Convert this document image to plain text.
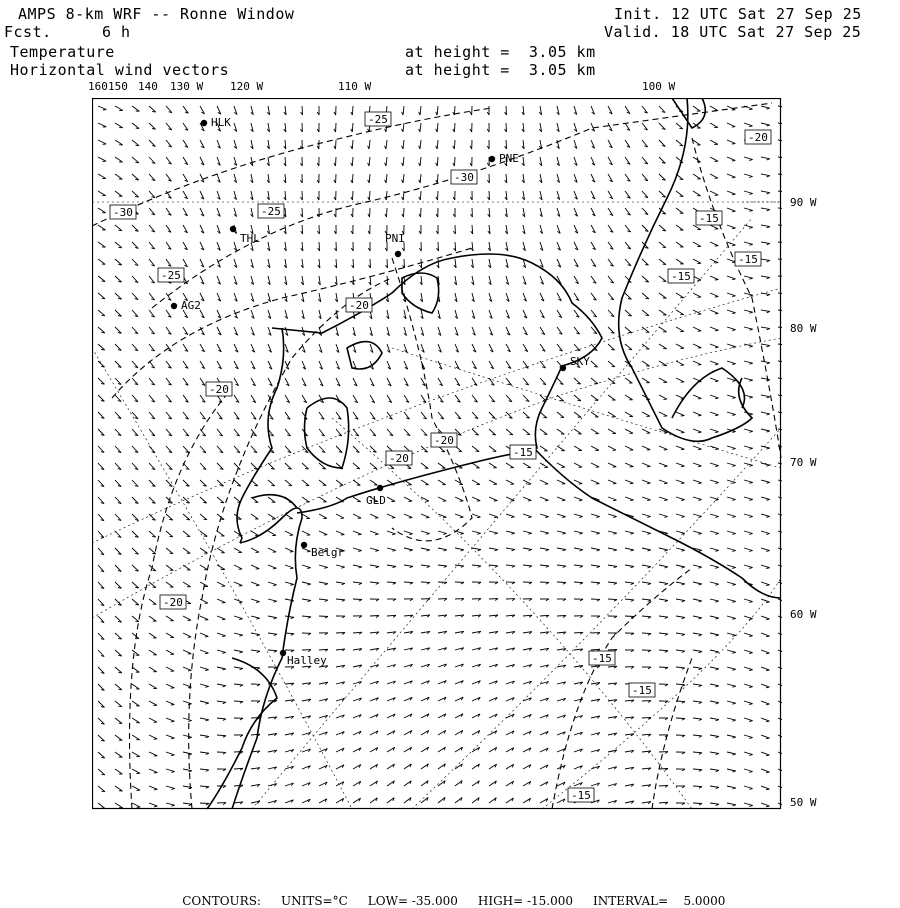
AMPS 8-km WRF -- Ronne Window
Fcst.	6 h
Init. 12 UTC Sat 27 Sep 25
Valid. 18 UTC Sat 27 Sep 25
Temperature
Horizontal wind vectors
at height =  3.05 km
at height =  3.05 km
160 150 140 130 W 120 W	110 W	100 W
90 W
80 W
70 W
60 W
50 W
HLK
PNE
THL	PNI
AG2
SKY
GLD
Belgr
Halley
-25
-30
-30	-25
-20
-25
-20
-15
-15
-20
-20
-15
-20
-20
-15
-15
-15
-15

CONTOURS: UNITS=°C LOW= -35.000 HIGH= -15.000 INTERVAL=    5.0000
